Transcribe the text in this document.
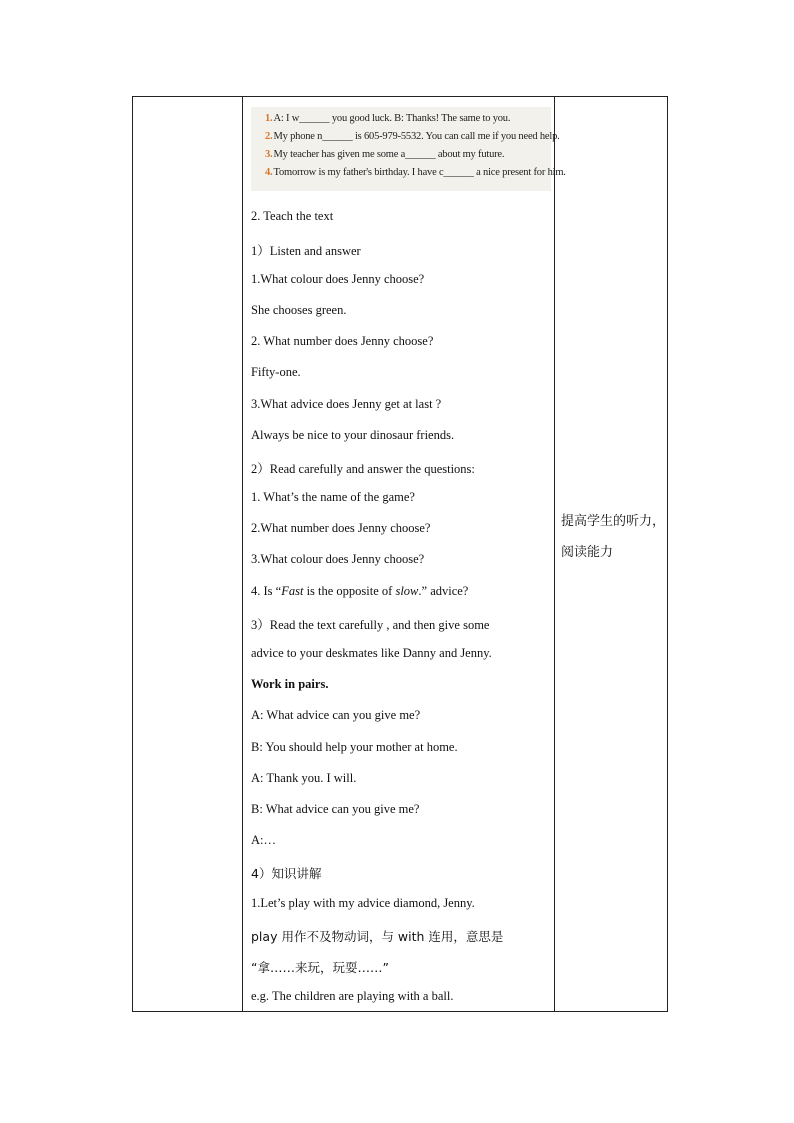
1.A: I w______ you good luck. B: Thanks! The same to you.
2.My phone n______ is 605-979-5532. You can call me if you need help.
3.My teacher has given me some a______ about my future.
4.Tomorrow is my father's birthday. I have c______ a nice present for him.
2. Teach the text
1）Listen and answer
1.What colour does Jenny choose?
She chooses green.
2. What number does Jenny choose?
Fifty-one.
3.What advice does Jenny get at last ?
Always be nice to your dinosaur friends.
2）Read carefully and answer the questions:
1. What’s the name of the game?
2.What number does Jenny choose?
3.What colour does Jenny choose?
4. Is “Fast is the opposite of slow.” advice?
3）Read the text carefully , and then give some
advice to your deskmates like Danny and Jenny.
Work in pairs.
A: What advice can you give me?
B: You should help your mother at home.
A: Thank you. I will.
B: What advice can you give me?
A:…
4）知识讲解
1.Let’s play with my advice diamond, Jenny.
play 用作不及物动词，与 with 连用，意思是
“拿……来玩，玩耍……”
e.g. The children are playing with a ball.
提高学生的听力，
阅读能力
